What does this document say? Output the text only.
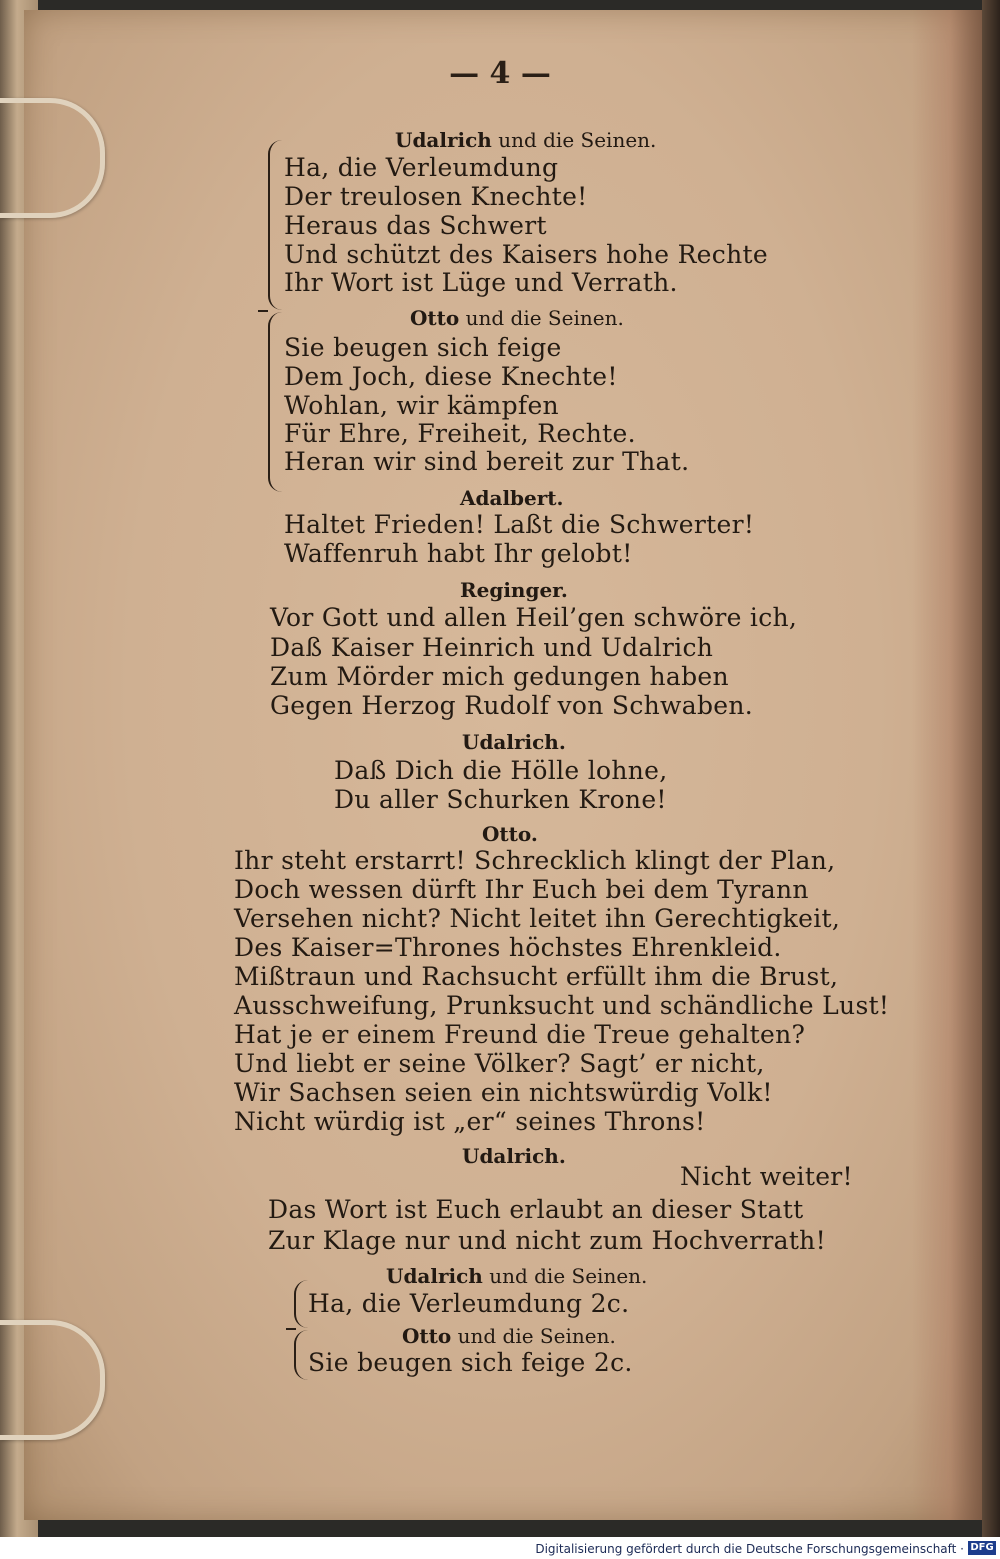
— 4 —
Udalrich und die Seinen.
Ha, die Verleumdung
Der treulosen Knechte!
Heraus das Schwert
Und schützt des Kaisers hohe Rechte
Ihr Wort ist Lüge und Verrath.
Otto und die Seinen.
Sie beugen sich feige
Dem Joch, diese Knechte!
Wohlan, wir kämpfen
Für Ehre, Freiheit, Rechte.
Heran wir sind bereit zur That.
Adalbert.
Haltet Frieden! Laßt die Schwerter!
Waffenruh habt Ihr gelobt!
Reginger.
Vor Gott und allen Heil’gen schwöre ich,
Daß Kaiser Heinrich und Udalrich
Zum Mörder mich gedungen haben
Gegen Herzog Rudolf von Schwaben.
Udalrich.
Daß Dich die Hölle lohne,
Du aller Schurken Krone!
Otto.
Ihr steht erstarrt! Schrecklich klingt der Plan,
Doch wessen dürft Ihr Euch bei dem Tyrann
Versehen nicht? Nicht leitet ihn Gerechtigkeit,
Des Kaiser=Thrones höchstes Ehrenkleid.
Mißtraun und Rachsucht erfüllt ihm die Brust,
Ausschweifung, Prunksucht und schändliche Lust!
Hat je er einem Freund die Treue gehalten?
Und liebt er seine Völker? Sagt’ er nicht,
Wir Sachsen seien ein nichtswürdig Volk!
Nicht würdig ist „er“ seines Throns!
Udalrich.
Nicht weiter!
Das Wort ist Euch erlaubt an dieser Statt
Zur Klage nur und nicht zum Hochverrath!
Udalrich und die Seinen.
Ha, die Verleumdung 2c.
Otto und die Seinen.
Sie beugen sich feige 2c.
Digitalisierung gefördert durch die Deutsche Forschungsgemeinschaft · DFG
